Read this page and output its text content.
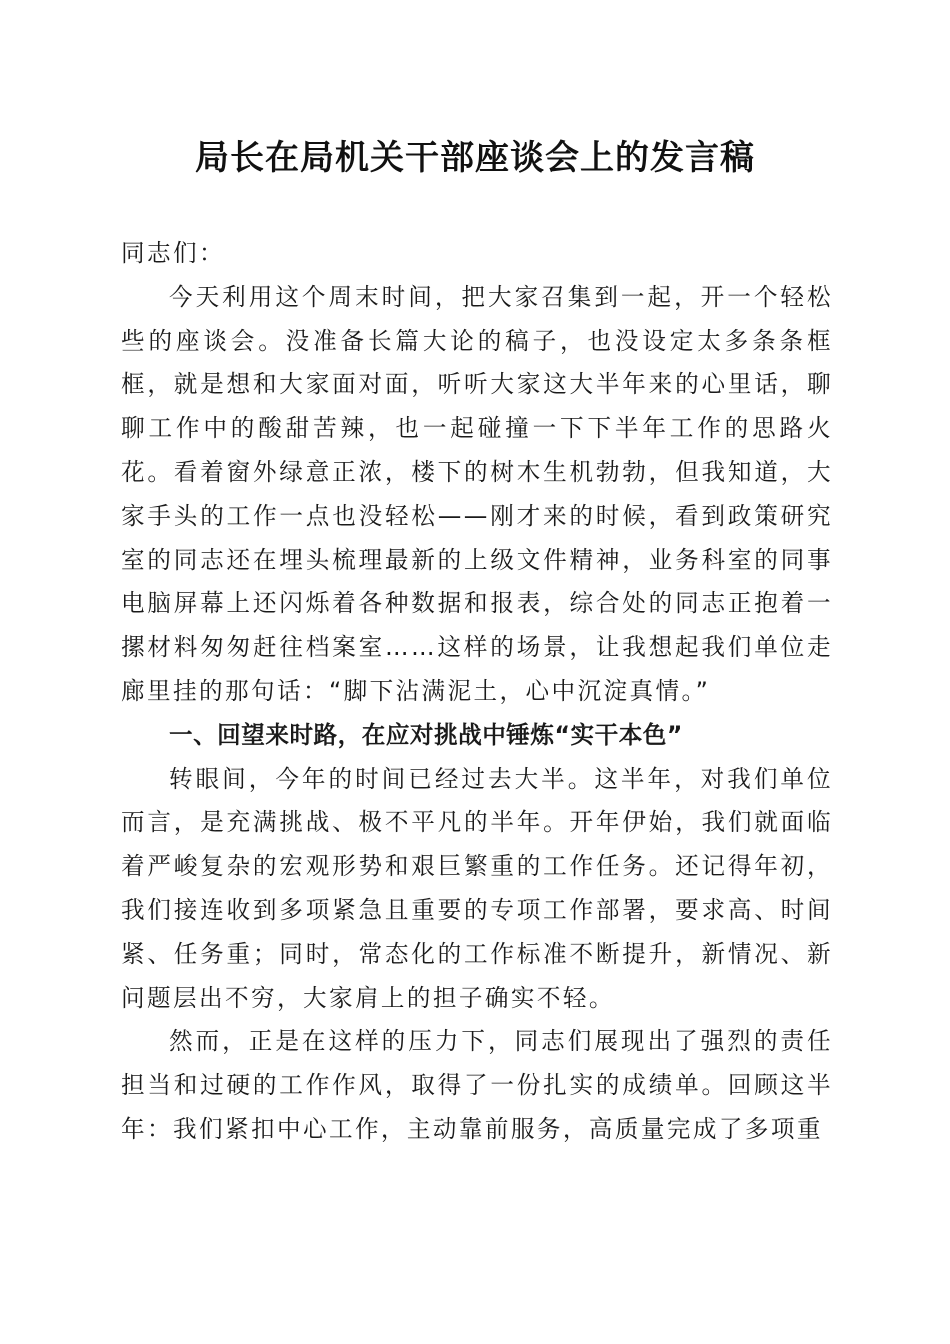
局长在局机关干部座谈会上的发言稿

同志们：

今天利用这个周末时间，把大家召集到一起，开一个轻松些的座谈会。没准备长篇大论的稿子，也没设定太多条条框框，就是想和大家面对面，听听大家这大半年来的心里话，聊聊工作中的酸甜苦辣，也一起碰撞一下下半年工作的思路火花。看着窗外绿意正浓，楼下的树木生机勃勃，但我知道，大家手头的工作一点也没轻松——刚才来的时候，看到政策研究室的同志还在埋头梳理最新的上级文件精神，业务科室的同事电脑屏幕上还闪烁着各种数据和报表，综合处的同志正抱着一摞材料匆匆赶往档案室……这样的场景，让我想起我们单位走廊里挂的那句话：“脚下沾满泥土，心中沉淀真情。”

一、回望来时路，在应对挑战中锤炼“实干本色”

转眼间，今年的时间已经过去大半。这半年，对我们单位而言，是充满挑战、极不平凡的半年。开年伊始，我们就面临着严峻复杂的宏观形势和艰巨繁重的工作任务。还记得年初，我们接连收到多项紧急且重要的专项工作部署，要求高、时间紧、任务重；同时，常态化的工作标准不断提升，新情况、新问题层出不穷，大家肩上的担子确实不轻。

然而，正是在这样的压力下，同志们展现出了强烈的责任担当和过硬的工作作风，取得了一份扎实的成绩单。回顾这半年：我们紧扣中心工作，主动靠前服务，高质量完成了多项重
